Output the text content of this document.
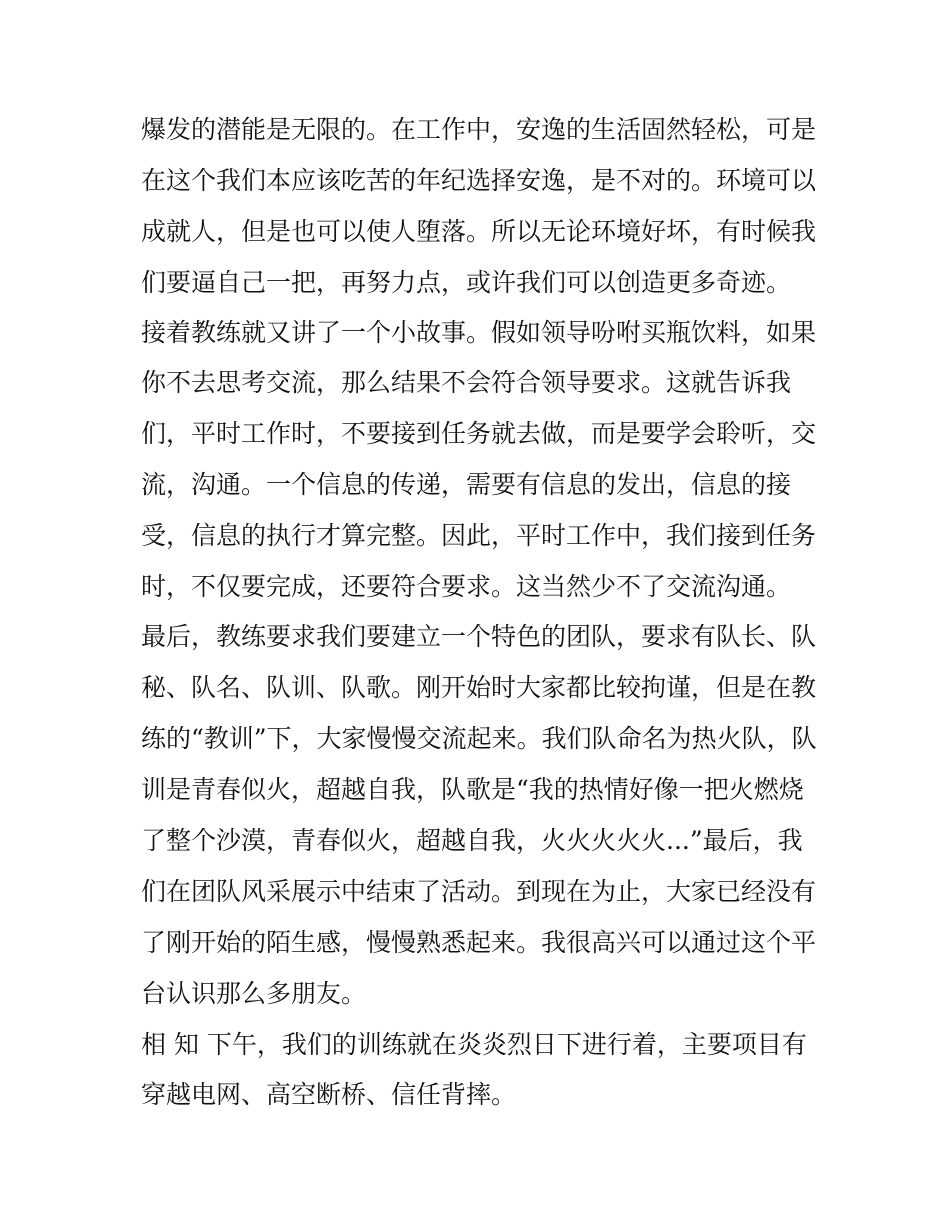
爆发的潜能是无限的。在工作中，安逸的生活固然轻松，可是
在这个我们本应该吃苦的年纪选择安逸，是不对的。环境可以
成就人，但是也可以使人堕落。所以无论环境好坏，有时候我
们要逼自己一把，再努力点，或许我们可以创造更多奇迹。
接着教练就又讲了一个小故事。假如领导吩咐买瓶饮料，如果
你不去思考交流，那么结果不会符合领导要求。这就告诉我
们，平时工作时，不要接到任务就去做，而是要学会聆听，交
流，沟通。一个信息的传递，需要有信息的发出，信息的接
受，信息的执行才算完整。因此，平时工作中，我们接到任务
时，不仅要完成，还要符合要求。这当然少不了交流沟通。
最后，教练要求我们要建立一个特色的团队，要求有队长、队
秘、队名、队训、队歌。刚开始时大家都比较拘谨，但是在教
练的“教训”下，大家慢慢交流起来。我们队命名为热火队，队
训是青春似火，超越自我，队歌是“我的热情好像一把火燃烧
了整个沙漠，青春似火，超越自我，火火火火火...”最后，我
们在团队风采展示中结束了活动。到现在为止，大家已经没有
了刚开始的陌生感，慢慢熟悉起来。我很高兴可以通过这个平
台认识那么多朋友。
相 知 下午，我们的训练就在炎炎烈日下进行着，主要项目有
穿越电网、高空断桥、信任背摔。
